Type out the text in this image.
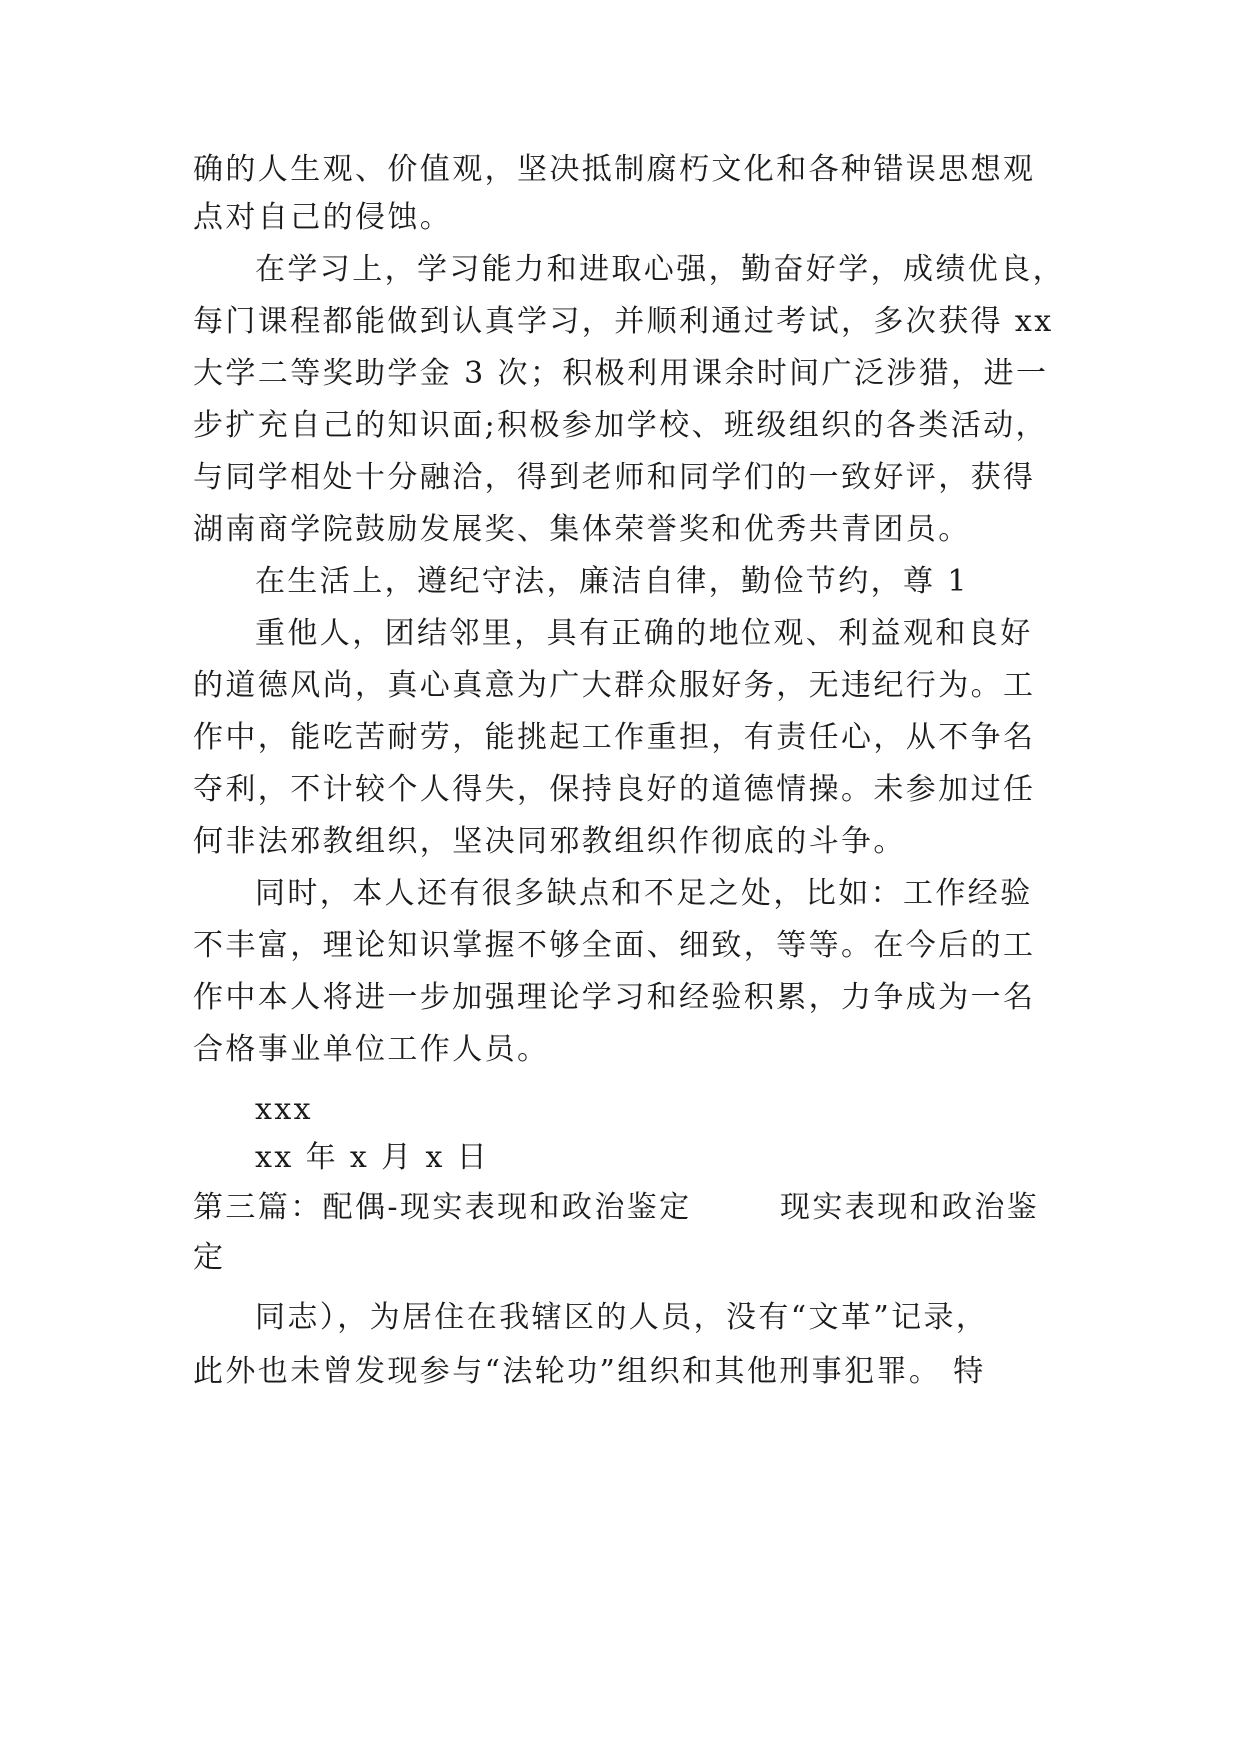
确的人生观、价值观，坚决抵制腐朽文化和各种错误思想观
点对自己的侵蚀。
在学习上，学习能力和进取心强，勤奋好学，成绩优良，
每门课程都能做到认真学习，并顺利通过考试，多次获得 xx
大学二等奖助学金 3 次；积极利用课余时间广泛涉猎，进一
步扩充自己的知识面;积极参加学校、班级组织的各类活动，
与同学相处十分融洽，得到老师和同学们的一致好评，获得
湖南商学院鼓励发展奖、集体荣誉奖和优秀共青团员。
在生活上，遵纪守法，廉洁自律，勤俭节约，尊 1
重他人，团结邻里，具有正确的地位观、利益观和良好
的道德风尚，真心真意为广大群众服好务，无违纪行为。工
作中，能吃苦耐劳，能挑起工作重担，有责任心，从不争名
夺利，不计较个人得失，保持良好的道德情操。未参加过任
何非法邪教组织，坚决同邪教组织作彻底的斗争。
同时，本人还有很多缺点和不足之处，比如：工作经验
不丰富，理论知识掌握不够全面、细致，等等。在今后的工
作中本人将进一步加强理论学习和经验积累，力争成为一名
合格事业单位工作人员。
xxx
xx 年 x 月 x 日
第三篇：配偶-现实表现和政治鉴定	现实表现和政治鉴
定
同志），为居住在我辖区的人员，没有“文革”记录，
此外也未曾发现参与“法轮功”组织和其他刑事犯罪。 特
